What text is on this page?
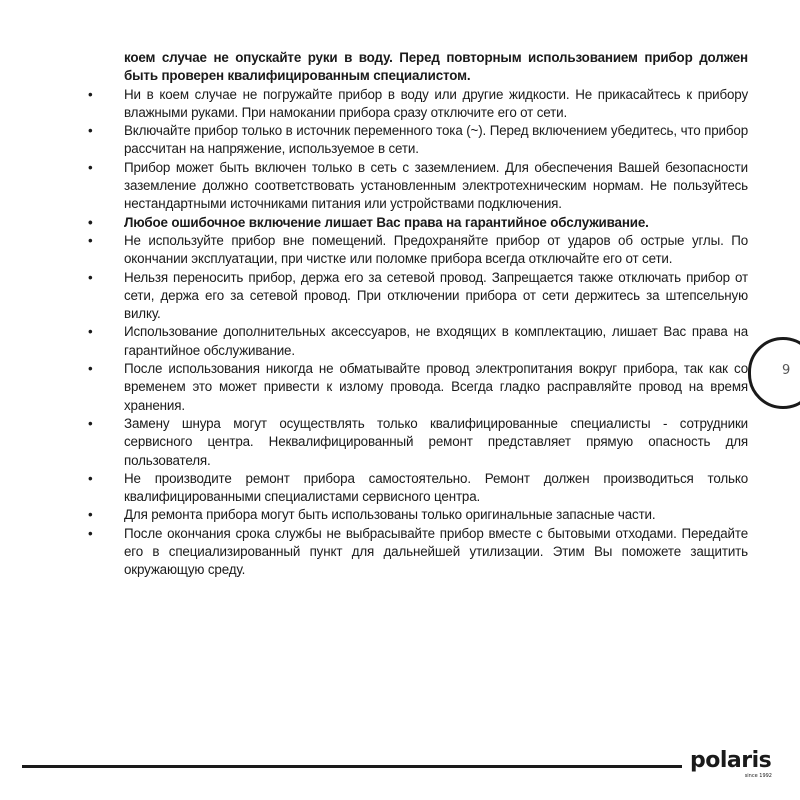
коем случае не опускайте руки в воду. Перед повторным использованием прибор должен быть проверен квалифицированным специалистом.

• Ни в коем случае не погружайте прибор в воду или другие жидкости. Не прикасайтесь к прибору влажными руками. При намокании прибора сразу отключите его от сети.
• Включайте прибор только в источник переменного тока (~). Перед включением убедитесь, что прибор рассчитан на напряжение, используемое в сети.
• Прибор может быть включен только в сеть с заземлением. Для обеспечения Вашей безопасности заземление должно соответствовать установленным электротехническим нормам. Не пользуйтесь нестандартными источниками питания или устройствами подключения.
• Любое ошибочное включение лишает Вас права на гарантийное обслуживание.
• Не используйте прибор вне помещений. Предохраняйте прибор от ударов об острые углы. По окончании эксплуатации, при чистке или поломке прибора всегда отключайте его от сети.
• Нельзя переносить прибор, держа его за сетевой провод. Запрещается также отключать прибор от сети, держа его за сетевой провод. При отключении прибора от сети держитесь за штепсельную вилку.
• Использование дополнительных аксессуаров, не входящих в комплектацию, лишает Вас права на гарантийное обслуживание.
• После использования никогда не обматывайте провод электропитания вокруг прибора, так как со временем это может привести к излому провода. Всегда гладко расправляйте провод на время хранения.
• Замену шнура могут осуществлять только квалифицированные специалисты - сотрудники сервисного центра. Неквалифицированный ремонт представляет прямую опасность для пользователя.
• Не производите ремонт прибора самостоятельно. Ремонт должен производиться только квалифицированными специалистами сервисного центра.
• Для ремонта прибора могут быть использованы только оригинальные запасные части.
• После окончания срока службы не выбрасывайте прибор вместе с бытовыми отходами. Передайте его в специализированный пункт для дальнейшей утилизации. Этим Вы поможете защитить окружающую среду.
9
polaris
since 1992
